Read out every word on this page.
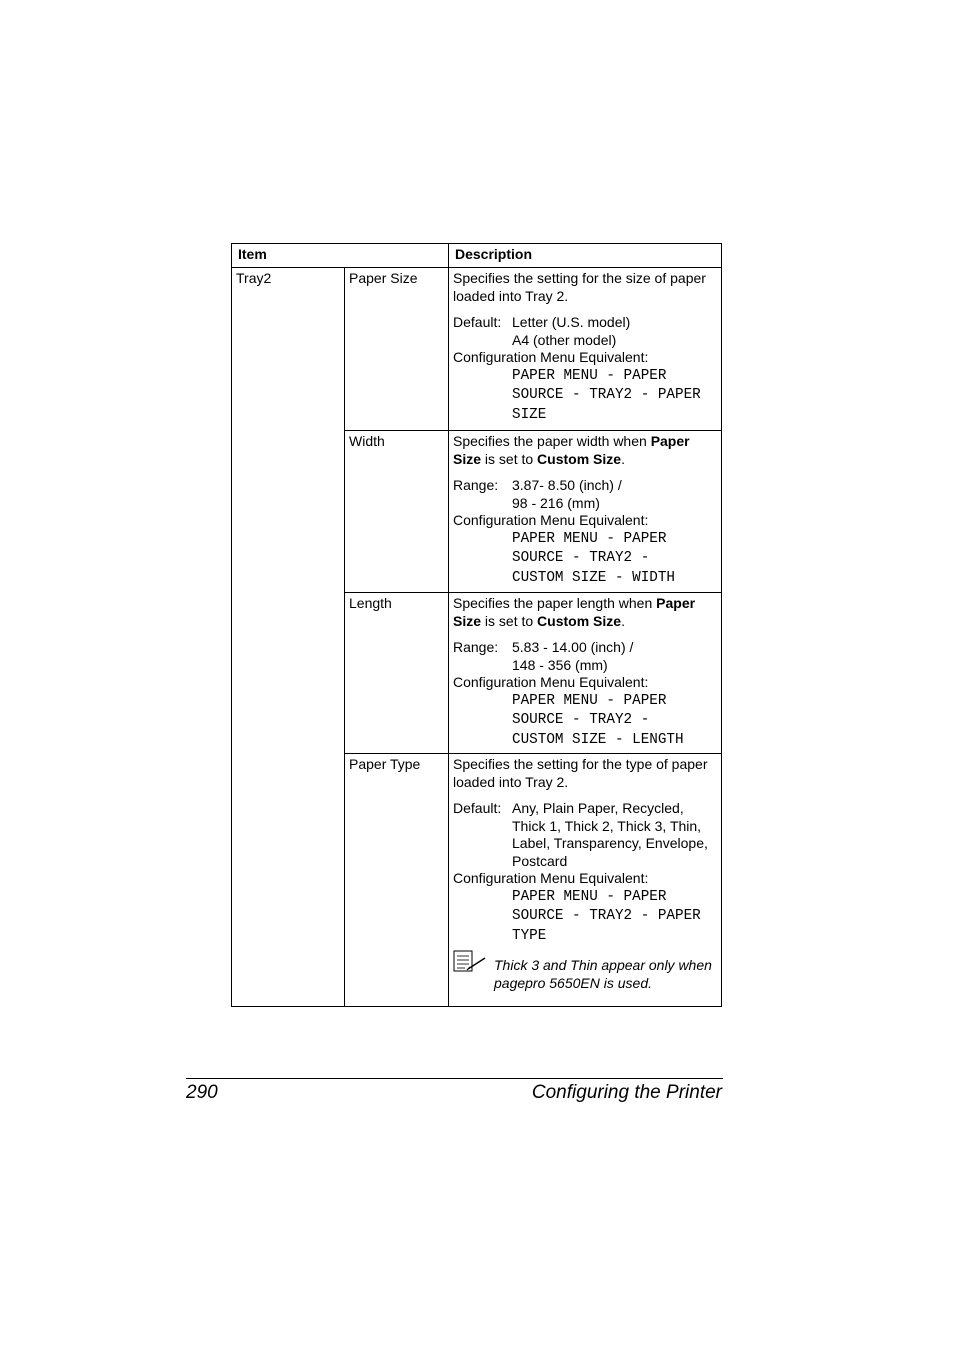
Item	Description
Tray2	Paper Size	Specifies the setting for the size of paper loaded into Tray 2.

Default: Letter (U.S. model)
A4 (other model)
Configuration Menu Equivalent:
PAPER MENU - PAPER
SOURCE - TRAY2 - PAPER
SIZE
Width	Specifies the paper width when Paper
Size is set to Custom Size.

Range: 3.87- 8.50 (inch) /
98 - 216 (mm)
Configuration Menu Equivalent:
PAPER MENU - PAPER
SOURCE - TRAY2 -
CUSTOM SIZE - WIDTH
Length	Specifies the paper length when Paper
Size is set to Custom Size.

Range: 5.83 - 14.00 (inch) /
148 - 356 (mm)
Configuration Menu Equivalent:
PAPER MENU - PAPER
SOURCE - TRAY2 -
CUSTOM SIZE - LENGTH
Paper Type	Specifies the setting for the type of paper loaded into Tray 2.

Default: Any, Plain Paper, Recycled, Thick 1, Thick 2, Thick 3, Thin, Label, Transparency, Envelope, Postcard
Configuration Menu Equivalent:
PAPER MENU - PAPER
SOURCE - TRAY2 - PAPER
TYPE
Thick 3 and Thin appear only when pagepro 5650EN is used.
290	Configuring the Printer
